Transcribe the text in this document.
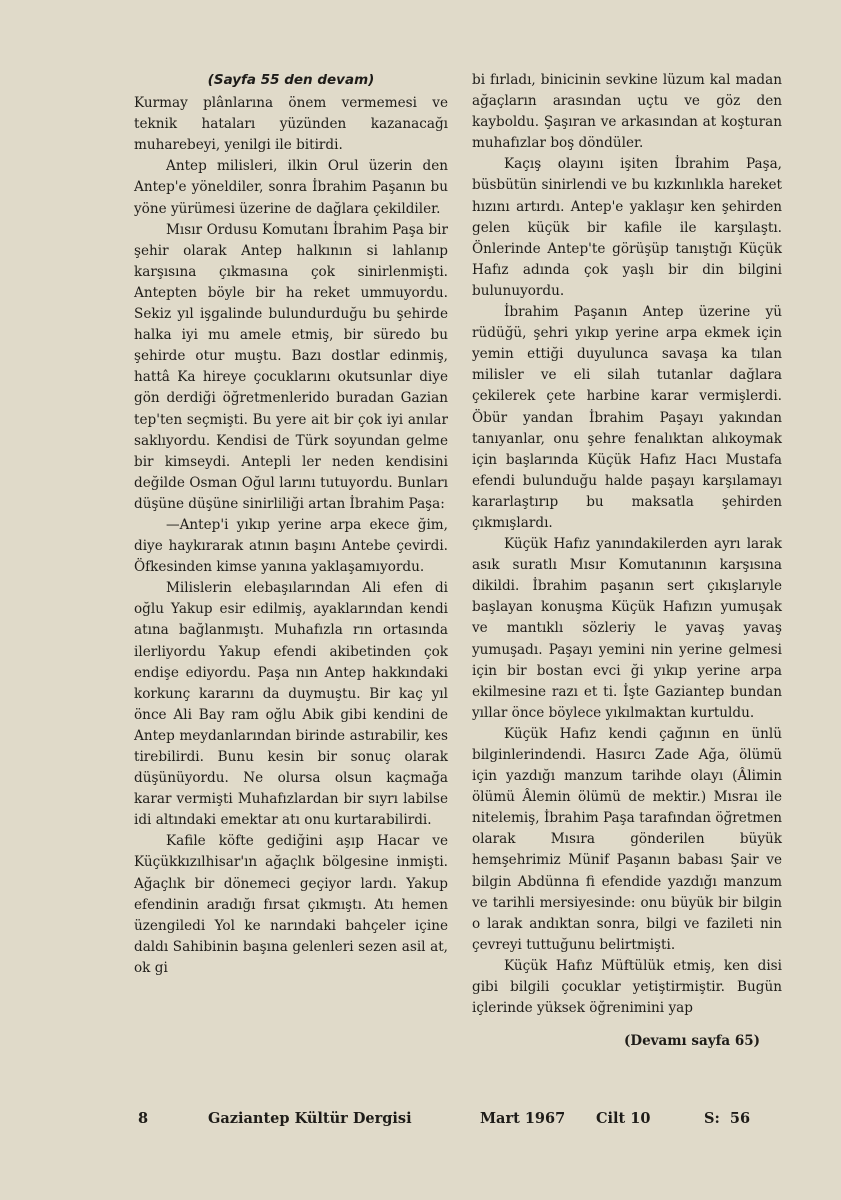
(Sayfa 55 den devam)

Kurmay plânlarına önem vermemesi ve teknik hataları yüzünden kazanacağı muharebeyi, yenilgi ile bitirdi.

Antep milisleri, ilkin Orul üzerin den Antep'e yöneldiler, sonra İbrahim Paşanın bu yöne yürümesi üzerine de dağlara çekildiler.

Mısır Ordusu Komutanı İbrahim Paşa bir şehir olarak Antep halkının si lahlanıp karşısına çıkmasına çok sinirlenmişti. Antepten böyle bir ha reket ummuyordu. Sekiz yıl işgalinde bulundurduğu bu şehirde halka iyi mu amele etmiş, bir süredo bu şehirde otur muştu. Bazı dostlar edinmiş, hattâ Ka hireye çocuklarını okutsunlar diye gön derdiği öğretmenlerido buradan Gazian tep'ten seçmişti. Bu yere ait bir çok iyi anılar saklıyordu. Kendisi de Türk soyundan gelme bir kimseydi. Antepli ler neden kendisini değilde Osman Oğul larını tutuyordu. Bunları düşüne düşüne sinirliliği artan İbrahim Paşa:

—Antep'i yıkıp yerine arpa ekece ğim, diye haykırarak atının başını Antebe çevirdi. Öfkesinden kimse yanına yaklaşamıyordu.

Milislerin elebaşılarından Ali efen di oğlu Yakup esir edilmiş, ayaklarından kendi atına bağlanmıştı. Muhafızla rın ortasında ilerliyordu Yakup efendi akibetinden çok endişe ediyordu. Paşa nın Antep hakkındaki korkunç kararını da duymuştu. Bir kaç yıl önce Ali Bay ram oğlu Abik gibi kendini de Antep meydanlarından birinde astırabilir, kes tirebilirdi. Bunu kesin bir sonuç olarak düşünüyordu. Ne olursa olsun kaçmağa karar vermişti Muhafızlardan bir sıyrı labilse idi altındaki emektar atı onu kurtarabilirdi.

Kafile köfte gediğini aşıp Hacar ve Küçükkızılhisar'ın ağaçlık bölgesine inmişti. Ağaçlık bir dönemeci geçiyor lardı. Yakup efendinin aradığı fırsat çıkmıştı. Atı hemen üzengiledi Yol ke narındaki bahçeler içine daldı Sahibinin başına gelenleri sezen asil at, ok gi

bi fırladı, binicinin sevkine lüzum kal madan ağaçların arasından uçtu ve göz den kayboldu. Şaşıran ve arkasından at koşturan muhafızlar boş döndüler.

Kaçış olayını işiten İbrahim Paşa, büsbütün sinirlendi ve bu kızkınlıkla hareket hızını artırdı. Antep'e yaklaşır ken şehirden gelen küçük bir kafile ile karşılaştı. Önlerinde Antep'te görüşüp tanıştığı Küçük Hafız adında çok yaşlı bir din bilgini bulunuyordu.

İbrahim Paşanın Antep üzerine yü rüdüğü, şehri yıkıp yerine arpa ekmek için yemin ettiği duyulunca savaşa ka tılan milisler ve eli silah tutanlar dağlara çekilerek çete harbine karar vermişlerdi. Öbür yandan İbrahim Paşayı yakından tanıyanlar, onu şehre fenalıktan alıkoymak için başlarında Küçük Hafız Hacı Mustafa efendi bulunduğu halde paşayı karşılamayı kararlaştırıp bu maksatla şehirden çıkmışlardı.

Küçük Hafız yanındakilerden ayrı larak asık suratlı Mısır Komutanının karşısına dikildi. İbrahim paşanın sert çıkışlarıyle başlayan konuşma Küçük Hafızın yumuşak ve mantıklı sözleriy le yavaş yavaş yumuşadı. Paşayı yemini nin yerine gelmesi için bir bostan evci ği yıkıp yerine arpa ekilmesine razı et ti. İşte Gaziantep bundan yıllar önce böylece yıkılmaktan kurtuldu.

Küçük Hafız kendi çağının en ünlü bilginlerindendi. Hasırcı Zade Ağa, ölümü için yazdığı manzum tarihde olayı (Âlimin ölümü Âlemin ölümü de mektir.) Mısraı ile nitelemiş, İbrahim Paşa tarafından öğretmen olarak Mısıra gönderilen büyük hemşehrimiz Münif Paşanın babası Şair ve bilgin Abdünna fi efendide yazdığı manzum ve tarihli mersiyesinde: onu büyük bir bilgin o larak andıktan sonra, bilgi ve fazileti nin çevreyi tuttuğunu belirtmişti.

Küçük Hafız Müftülük etmiş, ken disi gibi bilgili çocuklar yetiştirmiştir. Bugün içlerinde yüksek öğrenimini yap

(Devamı sayfa 65)
8	Gaziantep Kültür Dergisi	Mart 1967 Cilt 10	S:  56
